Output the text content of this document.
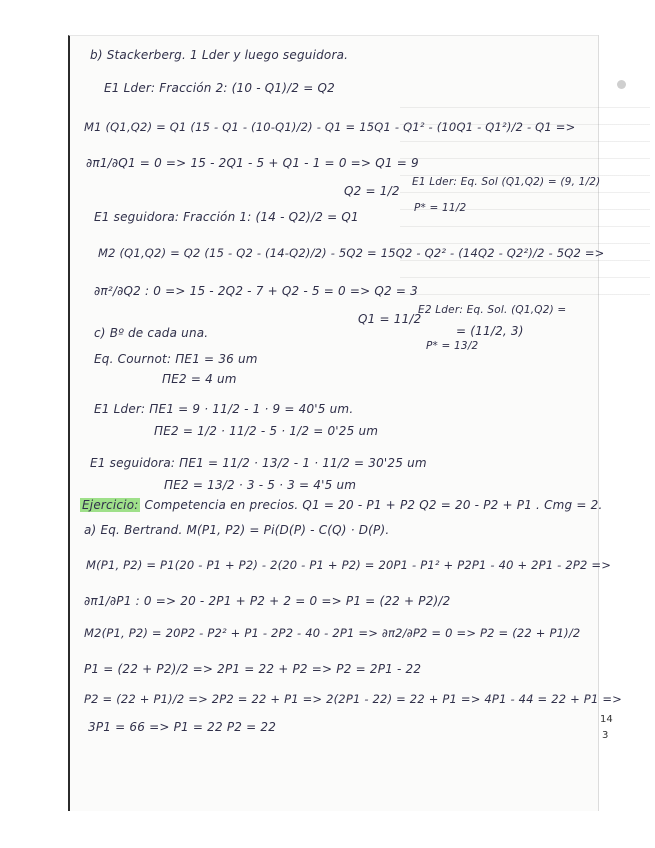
b) Stackerberg. 1 Lder y luego seguidora.
E1 Lder: Fracción 2: (10 - Q1)/2 = Q2
M1 (Q1,Q2) = Q1 (15 - Q1 - (10-Q1)/2) - Q1 = 15Q1 - Q1² - (10Q1 - Q1²)/2 - Q1 =>
∂π1/∂Q1 = 0 => 15 - 2Q1 - 5 + Q1 - 1 = 0 => Q1 = 9
Q2 = 1/2
E1 Lder: Eq. Sol (Q1,Q2) = (9, 1/2)
P* = 11/2
E1 seguidora: Fracción 1: (14 - Q2)/2 = Q1
M2 (Q1,Q2) = Q2 (15 - Q2 - (14-Q2)/2) - 5Q2 = 15Q2 - Q2² - (14Q2 - Q2²)/2 - 5Q2 =>
∂π²/∂Q2 : 0 => 15 - 2Q2 - 7 + Q2 - 5 = 0 => Q2 = 3
E2 Lder: Eq. Sol. (Q1,Q2) =
Q1 = 11/2
= (11/2, 3)
c) Bº de cada una.
P* = 13/2
Eq. Cournot: ΠE1 = 36 um
ΠE2 = 4 um
E1 Lder: ΠE1 = 9 · 11/2 - 1 · 9 = 40'5 um.
ΠE2 = 1/2 · 11/2 - 5 · 1/2 = 0'25 um
E1 seguidora: ΠE1 = 11/2 · 13/2 - 1 · 11/2 = 30'25 um
ΠE2 = 13/2 · 3 - 5 · 3 = 4'5 um
Ejercicio: Competencia en precios. Q1 = 20 - P1 + P2 Q2 = 20 - P2 + P1 . Cmg = 2.
a) Eq. Bertrand. M(P1, P2) = Pi(D(P) - C(Q) · D(P).
M(P1, P2) = P1(20 - P1 + P2) - 2(20 - P1 + P2) = 20P1 - P1² + P2P1 - 40 + 2P1 - 2P2 =>
∂π1/∂P1 : 0 => 20 - 2P1 + P2 + 2 = 0 => P1 = (22 + P2)/2
M2(P1, P2) = 20P2 - P2² + P1 - 2P2 - 40 - 2P1 => ∂π2/∂P2 = 0 => P2 = (22 + P1)/2
P1 = (22 + P2)/2 => 2P1 = 22 + P2 => P2 = 2P1 - 22
P2 = (22 + P1)/2 => 2P2 = 22 + P1 => 2(2P1 - 22) = 22 + P1 => 4P1 - 44 = 22 + P1 =>
3P1 = 66 => P1 = 22 P2 = 22
14
3
